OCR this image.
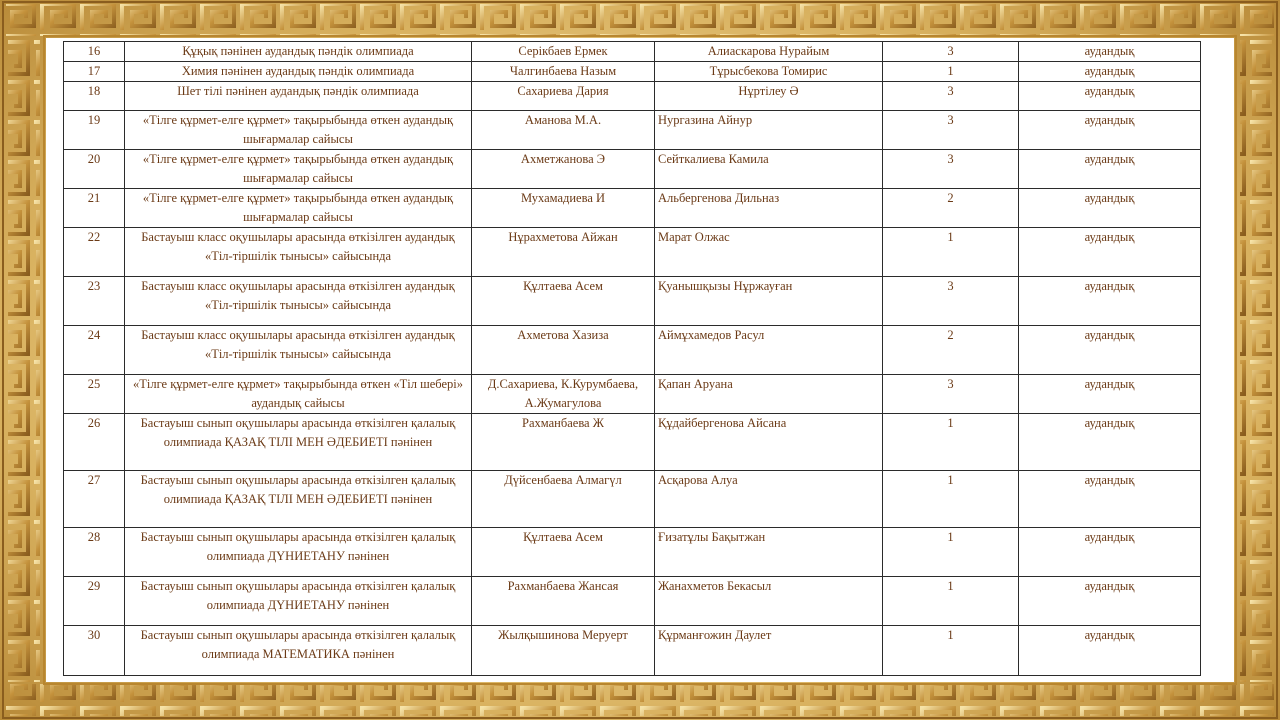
16	Құқық пәнінен аудандық пәндік олимпиада	Серікбаев Ермек	Алиаскарова Нурайым	3	аудандық
17	Химия пәнінен аудандық пәндік олимпиада	Чалгинбаева Назым	Тұрысбекова Томирис	1	аудандық
18	Шет тілі пәнінен аудандық пәндік олимпиада	Сахариева Дария	Нұртілеу Ә	3	аудандық
19	«Тілге құрмет-елге құрмет» тақырыбында өткен аудандық шығармалар сайысы	Аманова М.А.	Нургазина Айнур	3	аудандық
20	«Тілге құрмет-елге құрмет» тақырыбында өткен аудандық шығармалар сайысы	Ахметжанова Э	Сейткалиева Камила	3	аудандық
21	«Тілге құрмет-елге құрмет» тақырыбында өткен аудандық шығармалар сайысы	Мухамадиева И	Альбергенова Дильназ	2	аудандық
22	Бастауыш класс оқушылары арасында өткізілген аудандық «Тіл-тіршілік тынысы» сайысында	Нұрахметова Айжан	Марат Олжас	1	аудандық
23	Бастауыш класс оқушылары арасында өткізілген аудандық «Тіл-тіршілік тынысы» сайысында	Құлтаева Асем	Қуанышқызы Нұржауған	3	аудандық
24	Бастауыш класс оқушылары арасында өткізілген аудандық «Тіл-тіршілік тынысы» сайысында	Ахметова Хазиза	Аймұхамедов Расул	2	аудандық
25	«Тілге құрмет-елге құрмет» тақырыбында өткен «Тіл шебері» аудандық сайысы	Д.Сахариева, К.Курумбаева, А.Жумагулова	Қапан Аруана	3	аудандық
26	Бастауыш сынып оқушылары арасында өткізілген қалалық олимпиада ҚАЗАҚ ТІЛІ МЕН ӘДЕБИЕТІ пәнінен	Рахманбаева Ж	Құдайбергенова Айсана	1	аудандық
27	Бастауыш сынып оқушылары арасында өткізілген қалалық олимпиада ҚАЗАҚ ТІЛІ МЕН ӘДЕБИЕТІ пәнінен	Дүйсенбаева Алмагүл	Асқарова Алуа	1	аудандық
28	Бастауыш сынып оқушылары арасында өткізілген қалалық олимпиада ДҮНИЕТАНУ пәнінен	Құлтаева Асем	Ғизатұлы Бақытжан	1	аудандық
29	Бастауыш сынып оқушылары арасында өткізілген қалалық олимпиада ДҮНИЕТАНУ пәнінен	Рахманбаева Жансая	Жанахметов Бекасыл	1	аудандық
30	Бастауыш сынып оқушылары арасында өткізілген қалалық олимпиада МАТЕМАТИКА пәнінен	Жылқышинова Меруерт	Құрманғожин Даулет	1	аудандық
